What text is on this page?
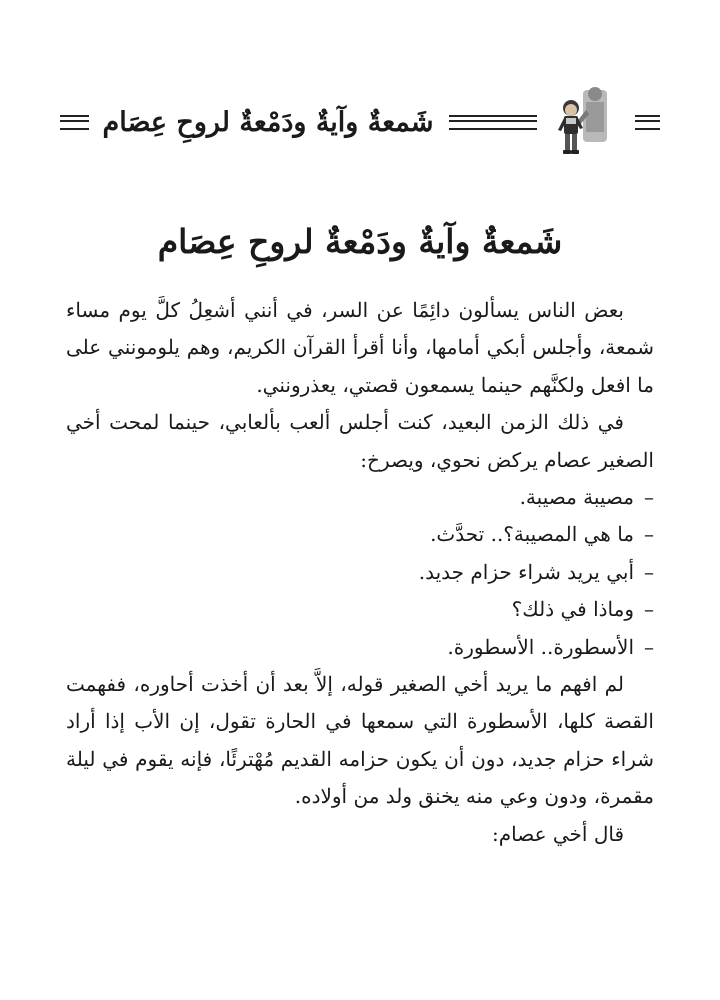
شَمعةٌ وآيةٌ ودَمْعةٌ لروحِ عِصَام
شَمعةٌ وآيةٌ ودَمْعةٌ لروحِ عِصَام

بعض الناس يسألون دائِمًا عن السر، في أنني أشعِلُ كلَّ يوم مساء شمعة، وأجلس أبكي أمامها، وأنا أقرأ القرآن الكريم، وهم يلومونني على ما افعل ولكنَّهم حينما يسمعون قصتي، يعذرونني.

في ذلك الزمن البعيد، كنت أجلس ألعب بألعابي، حينما لمحت أخي الصغير عصام يركض نحوي، ويصرخ:

–مصيبة مصيبة.

–ما هي المصيبة؟.. تحدَّث.

–أبي يريد شراء حزام جديد.

–وماذا في ذلك؟

–الأسطورة.. الأسطورة.

لم افهم ما يريد أخي الصغير قوله، إلاَّ بعد أن أخذت أحاوره، ففهمت القصة كلها، الأسطورة التي سمعها في الحارة تقول، إن الأب إذا أراد شراء حزام جديد، دون أن يكون حزامه القديم مُهْترئًا، فإنه يقوم في ليلة مقمرة، ودون وعي منه يخنق ولد من أولاده.

قال أخي عصام:
